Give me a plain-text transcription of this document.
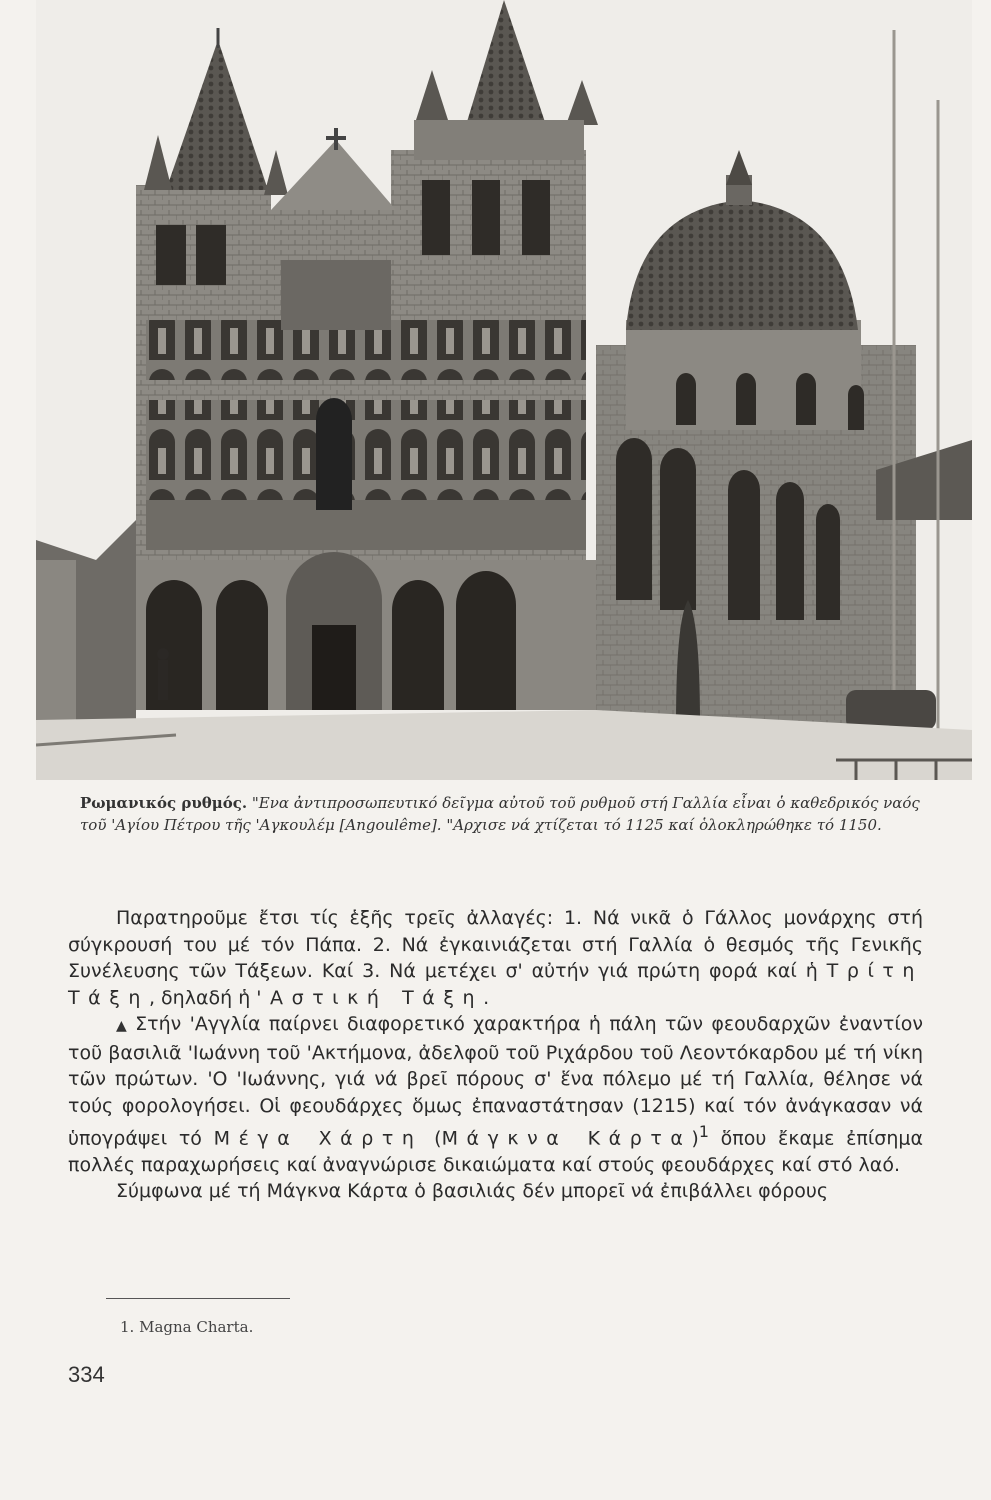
Ρωμανικός ρυθμός. "Ενα ἀντιπροσωπευτικό δεῖγμα αὐτοῦ τοῦ ρυθμοῦ στή Γαλλία εἶναι ὁ καθεδρικός ναός τοῦ 'Αγίου Πέτρου τῆς 'Αγκουλέμ [Angoulême]. "Αρχισε νά χτίζεται τό 1125 καί ὁλοκληρώθηκε τό 1150.

Παρατηροῦμε ἔτσι τίς ἑξῆς τρεῖς ἀλλαγές: 1. Νά νικᾶ ὁ Γάλλος μονάρχης στή σύγκρουσή του μέ τόν Πάπα. 2. Νά ἐγκαινιάζεται στή Γαλλία ὁ θεσμός τῆς Γενικῆς Συνέλευσης τῶν Τάξεων. Καί 3. Νά μετέχει σ' αὐτήν γιά πρώτη φορά καί ἡ Τρίτη Τάξη, δηλαδή ἡ 'Αστική Τάξη.

▲ Στήν 'Αγγλία παίρνει διαφορετικό χαρακτήρα ἡ πάλη τῶν φεουδαρχῶν ἐναντίον τοῦ βασιλιᾶ 'Ιωάννη τοῦ 'Ακτήμονα, ἀδελφοῦ τοῦ Ριχάρδου τοῦ Λεοντόκαρδου μέ τή νίκη τῶν πρώτων. 'Ο 'Ιωάννης, γιά νά βρεῖ πόρους σ' ἕνα πόλεμο μέ τή Γαλλία, θέλησε νά τούς φορολογήσει. Οἱ φεουδάρχες ὅμως ἐπαναστάτησαν (1215) καί τόν ἀνάγκασαν νά ὑπογράψει τό Μέγα Χάρτη (Μάγκνα Κάρτα)$^1$ ὅπου ἔκαμε ἐπίσημα πολλές παραχωρήσεις καί ἀναγνώρισε δικαιώματα καί στούς φεουδάρχες καί στό λαό.

Σύμφωνα μέ τή Μάγκνα Κάρτα ὁ βασιλιάς δέν μπορεῖ νά ἐπιβάλλει φόρους

1. Magna Charta.
334
